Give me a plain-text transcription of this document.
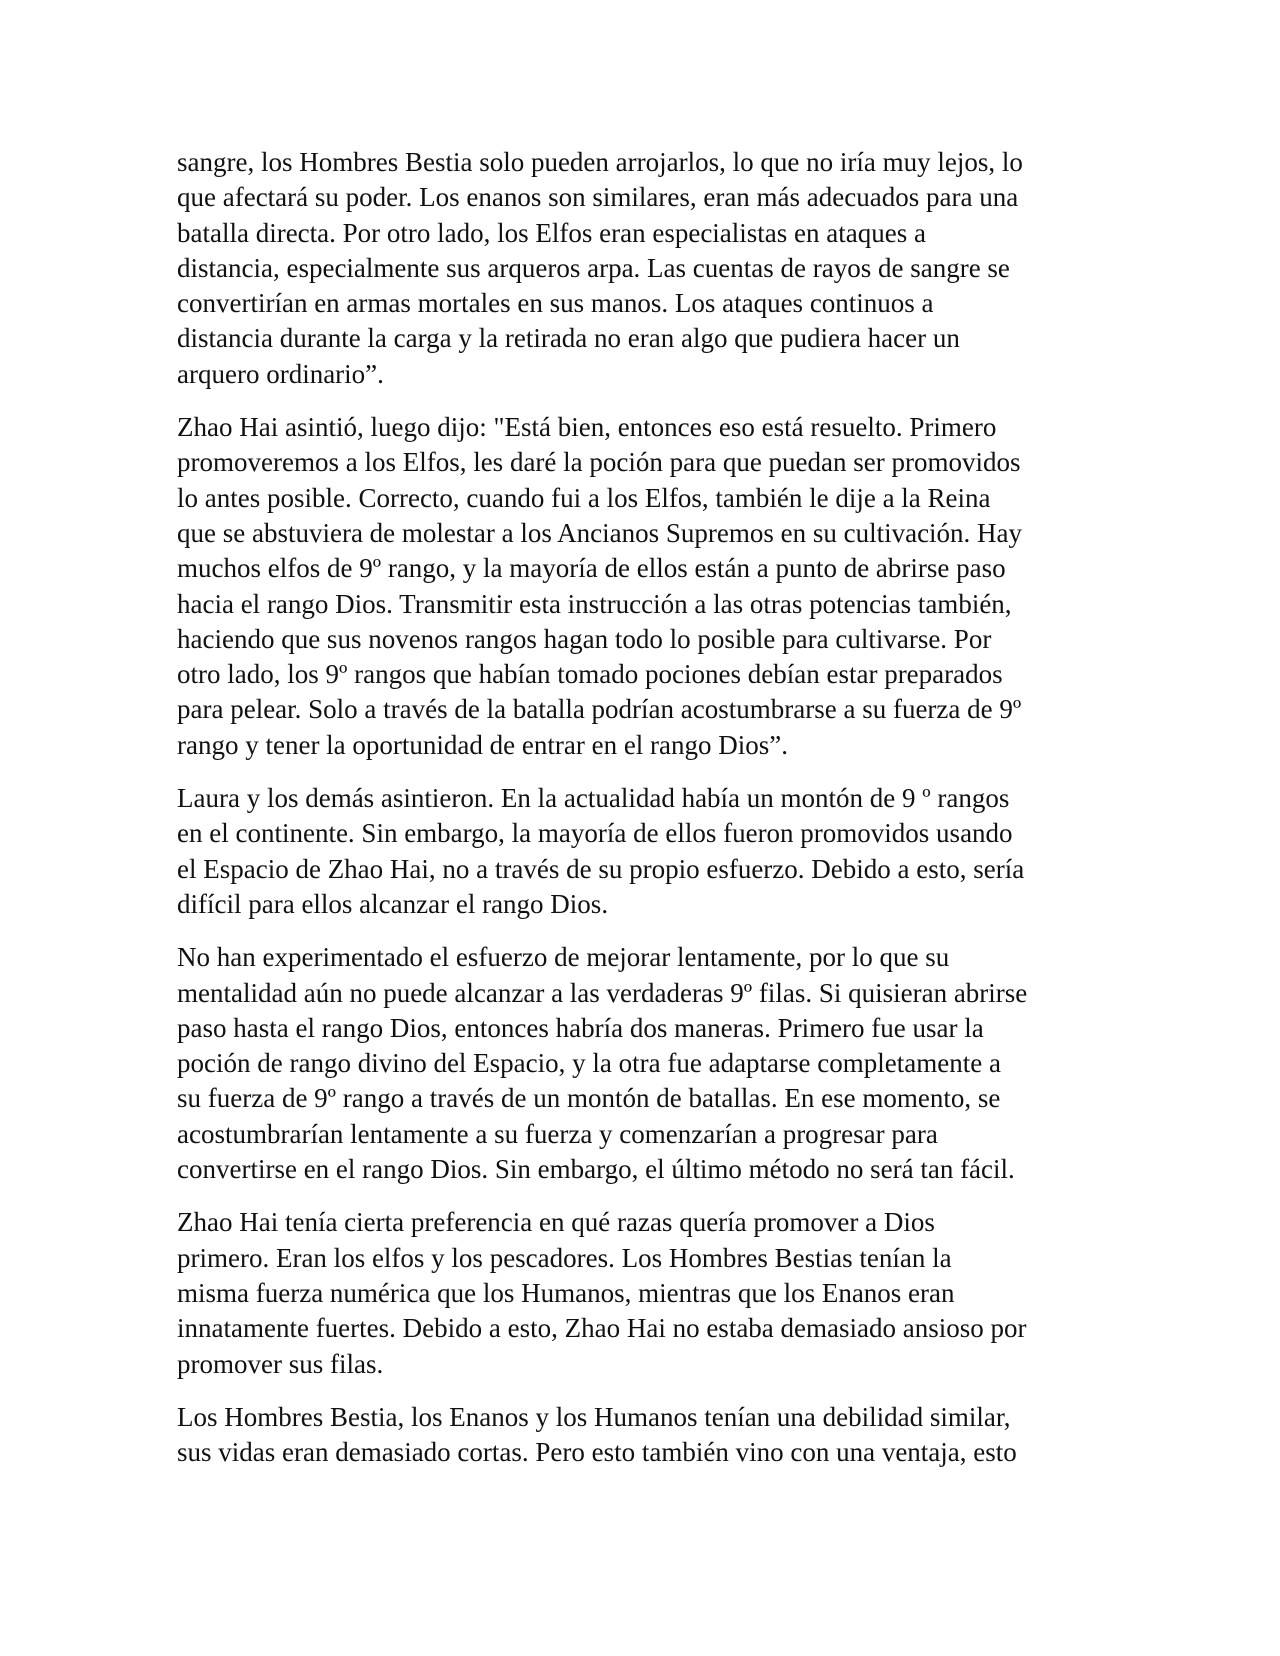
sangre, los Hombres Bestia solo pueden arrojarlos, lo que no iría muy lejos, lo
que afectará su poder. Los enanos son similares, eran más adecuados para una
batalla directa. Por otro lado, los Elfos eran especialistas en ataques a
distancia, especialmente sus arqueros arpa. Las cuentas de rayos de sangre se
convertirían en armas mortales en sus manos. Los ataques continuos a
distancia durante la carga y la retirada no eran algo que pudiera hacer un
arquero ordinario”.

Zhao Hai asintió, luego dijo: "Está bien, entonces eso está resuelto. Primero
promoveremos a los Elfos, les daré la poción para que puedan ser promovidos
lo antes posible. Correcto, cuando fui a los Elfos, también le dije a la Reina
que se abstuviera de molestar a los Ancianos Supremos en su cultivación. Hay
muchos elfos de 9º rango, y la mayoría de ellos están a punto de abrirse paso
hacia el rango Dios. Transmitir esta instrucción a las otras potencias también,
haciendo que sus novenos rangos hagan todo lo posible para cultivarse. Por
otro lado, los 9º rangos que habían tomado pociones debían estar preparados
para pelear. Solo a través de la batalla podrían acostumbrarse a su fuerza de 9º
rango y tener la oportunidad de entrar en el rango Dios”.

Laura y los demás asintieron. En la actualidad había un montón de 9 º rangos
en el continente. Sin embargo, la mayoría de ellos fueron promovidos usando
el Espacio de Zhao Hai, no a través de su propio esfuerzo. Debido a esto, sería
difícil para ellos alcanzar el rango Dios.

No han experimentado el esfuerzo de mejorar lentamente, por lo que su
mentalidad aún no puede alcanzar a las verdaderas 9º filas. Si quisieran abrirse
paso hasta el rango Dios, entonces habría dos maneras. Primero fue usar la
poción de rango divino del Espacio, y la otra fue adaptarse completamente a
su fuerza de 9º rango a través de un montón de batallas. En ese momento, se
acostumbrarían lentamente a su fuerza y comenzarían a progresar para
convertirse en el rango Dios. Sin embargo, el último método no será tan fácil.

Zhao Hai tenía cierta preferencia en qué razas quería promover a Dios
primero. Eran los elfos y los pescadores. Los Hombres Bestias tenían la
misma fuerza numérica que los Humanos, mientras que los Enanos eran
innatamente fuertes. Debido a esto, Zhao Hai no estaba demasiado ansioso por
promover sus filas.

Los Hombres Bestia, los Enanos y los Humanos tenían una debilidad similar,
sus vidas eran demasiado cortas. Pero esto también vino con una ventaja, esto
